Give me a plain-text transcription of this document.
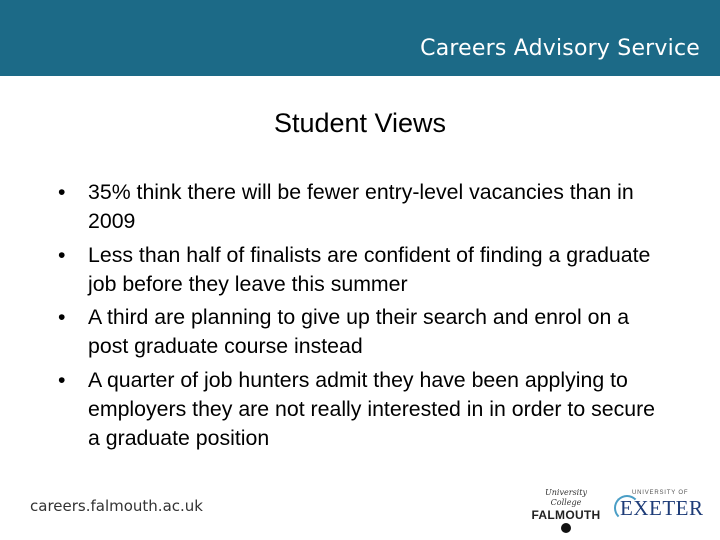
Careers Advisory Service
Student Views
• 35% think there will be fewer entry-level vacancies than in 2009
• Less than half of finalists are confident of finding a graduate job before they leave this summer
• A third are planning to give up their search and enrol on a post graduate course instead
• A quarter of job hunters admit they have been applying to employers they are not really interested in in order to secure a graduate position
careers.falmouth.ac.uk
University College
FALMOUTH
UNIVERSITY OF
EXETER
